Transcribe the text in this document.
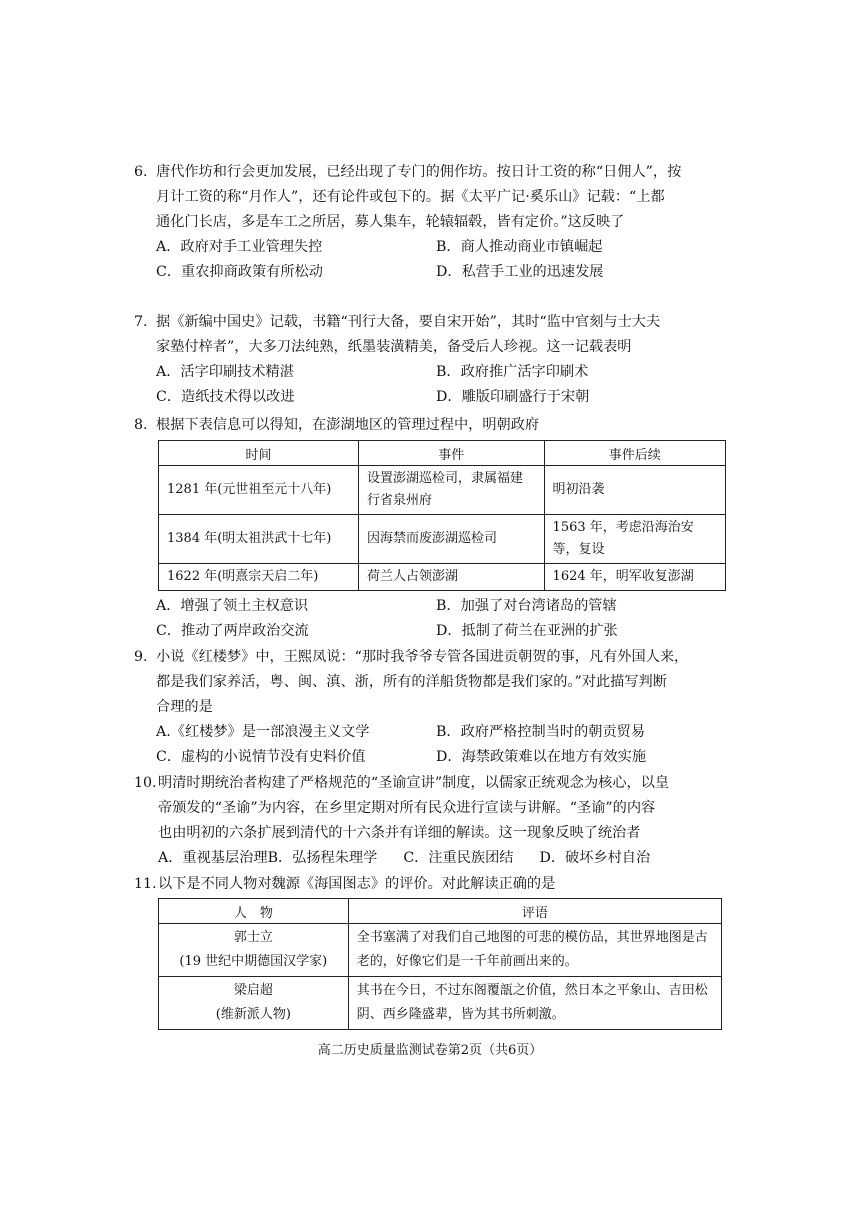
6. 唐代作坊和行会更加发展，已经出现了专门的佣作坊。按日计工资的称“日佣人”，按
月计工资的称“月作人”，还有论件或包下的。据《太平广记·奚乐山》记载：“上都
通化门长店，多是车工之所居，募人集车，轮辕辐毂，皆有定价。”这反映了
A．政府对手工业管理失控	B．商人推动商业市镇崛起
C．重农抑商政策有所松动	D．私营手工业的迅速发展
7. 据《新编中国史》记载，书籍“刊行大备，要自宋开始”，其时“监中官刻与士大夫
家塾付梓者”，大多刀法纯熟，纸墨装潢精美，备受后人珍视。这一记载表明
A．活字印刷技术精湛	B．政府推广活字印刷术
C．造纸技术得以改进	D．雕版印刷盛行于宋朝
8. 根据下表信息可以得知，在澎湖地区的管理过程中，明朝政府
时间	事件	事件后续
1281 年(元世祖至元十八年)	设置澎湖巡检司，隶属福建行省泉州府	明初沿袭
1384 年(明太祖洪武十七年)	因海禁而废澎湖巡检司	1563 年，考虑沿海治安等，复设
1622 年(明熹宗天启二年)	荷兰人占领澎湖	1624 年，明军收复澎湖
A．增强了领土主权意识	B．加强了对台湾诸岛的管辖
C．推动了两岸政治交流	D．抵制了荷兰在亚洲的扩张
9. 小说《红楼梦》中，王熙凤说：“那时我爷爷专管各国进贡朝贺的事，凡有外国人来，
都是我们家养活，粤、闽、滇、浙，所有的洋船货物都是我们家的。”对此描写判断
合理的是
A.《红楼梦》是一部浪漫主义文学	B．政府严格控制当时的朝贡贸易
C．虚构的小说情节没有史料价值	D．海禁政策难以在地方有效实施
10. 明清时期统治者构建了严格规范的“圣谕宣讲”制度，以儒家正统观念为核心，以皇
帝颁发的“圣谕”为内容，在乡里定期对所有民众进行宣读与讲解。“圣谕”的内容
也由明初的六条扩展到清代的十六条并有详细的解读。这一现象反映了统治者
A．重视基层治理 B．弘扬程朱理学 C．注重民族团结 D．破坏乡村自治
11. 以下是不同人物对魏源《海国图志》的评价。对此解读正确的是
人　物	评语

郭士立
(19 世纪中期德国汉学家)	全书塞满了对我们自己地图的可悲的模仿品，其世界地图是古老的，好像它们是一千年前画出来的。

梁启超
(维新派人物)	其书在今日，不过东阁覆瓿之价值，然日本之平象山、吉田松阴、西乡隆盛辈，皆为其书所刺激。
高二历史质量监测试卷第2页（共6页）
